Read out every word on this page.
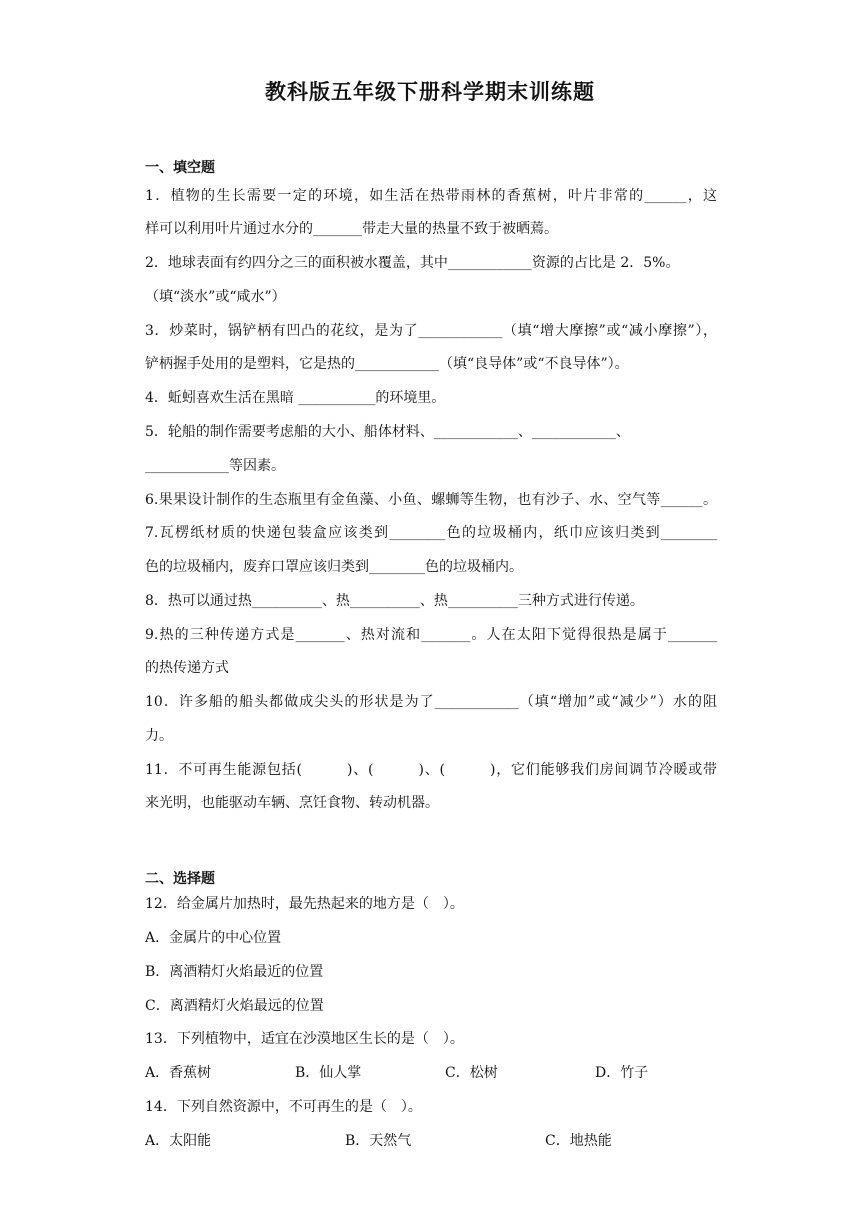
教科版五年级下册科学期末训练题
一、填空题
1．植物的生长需要一定的环境，如生活在热带雨林的香蕉树，叶片非常的______，这
样可以利用叶片通过水分的_______带走大量的热量不致于被晒蔫。
2．地球表面有约四分之三的面积被水覆盖，其中____________资源的占比是 2．5%。
（填“淡水”或“咸水”）
3．炒菜时，锅铲柄有凹凸的花纹，是为了____________（填“增大摩擦”或“减小摩擦”），
铲柄握手处用的是塑料，它是热的____________（填“良导体”或“不良导体”）。
4．蚯蚓喜欢生活在黑暗 ___________的环境里。
5．轮船的制作需要考虑船的大小、船体材料、____________、____________、
____________等因素。
6.果果设计制作的生态瓶里有金鱼藻、小鱼、螺蛳等生物，也有沙子、水、空气等______。
7.瓦楞纸材质的快递包装盒应该类到________色的垃圾桶内，纸巾应该归类到________
色的垃圾桶内，废弃口罩应该归类到________色的垃圾桶内。
8．热可以通过热__________、热__________、热__________三种方式进行传递。
9.热的三种传递方式是_______、热对流和_______。人在太阳下觉得很热是属于_______
的热传递方式
10．许多船的船头都做成尖头的形状是为了____________（填“增加”或“减少”）水的阻
力。
11．不可再生能源包括(　　　)、(　　　)、(　　　)，它们能够我们房间调节冷暖或带
来光明，也能驱动车辆、烹饪食物、转动机器。
二、选择题
12．给金属片加热时，最先热起来的地方是（　）。
A．金属片的中心位置
B．离酒精灯火焰最近的位置
C．离酒精灯火焰最远的位置
13．下列植物中，适宜在沙漠地区生长的是（　）。
A．香蕉树	B．仙人掌	C．松树	D．竹子
14．下列自然资源中，不可再生的是（　）。
A．太阳能	B．天然气	C．地热能
